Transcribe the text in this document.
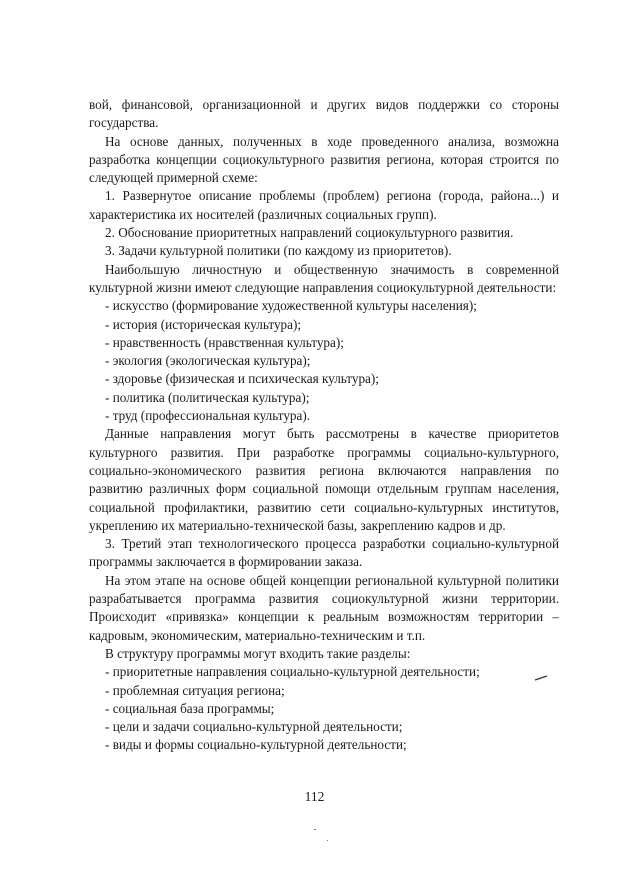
вой, финансовой, организационной и других видов поддержки со стороны государства.

На основе данных, полученных в ходе проведенного анализа, возможна разработка концепции социокультурного развития региона, которая строится по следующей примерной схеме:

1. Развернутое описание проблемы (проблем) региона (города, района...) и характеристика их носителей (различных социальных групп).

2. Обоснование приоритетных направлений социокультурного развития.

3. Задачи культурной политики (по каждому из приоритетов).

Наибольшую личностную и общественную значимость в современной культурной жизни имеют следующие направления социокультурной деятельности:

- искусство (формирование художественной культуры населения);

- история (историческая культура);

- нравственность (нравственная культура);

- экология (экологическая культура);

- здоровье (физическая и психическая культура);

- политика (политическая культура);

- труд (профессиональная культура).

Данные направления могут быть рассмотрены в качестве приоритетов культурного развития. При разработке программы социально-культурного, социально-экономического развития региона включаются направления по развитию различных форм социальной помощи отдельным группам населения, социальной профилактики, развитию сети социально-культурных институтов, укреплению их материально-технической базы, закреплению кадров и др.

3. Третий этап технологического процесса разработки социально-культурной программы заключается в формировании заказа.

На этом этапе на основе общей концепции региональной культурной политики разрабатывается программа развития социокультурной жизни территории. Происходит «привязка» концепции к реальным возможностям территории – кадровым, экономическим, материально-техническим и т.п.

В структуру программы могут входить такие разделы:

- приоритетные направления социально-культурной деятельности;

- проблемная ситуация региона;

- социальная база программы;

- цели и задачи социально-культурной деятельности;

- виды и формы социально-культурной деятельности;

112
